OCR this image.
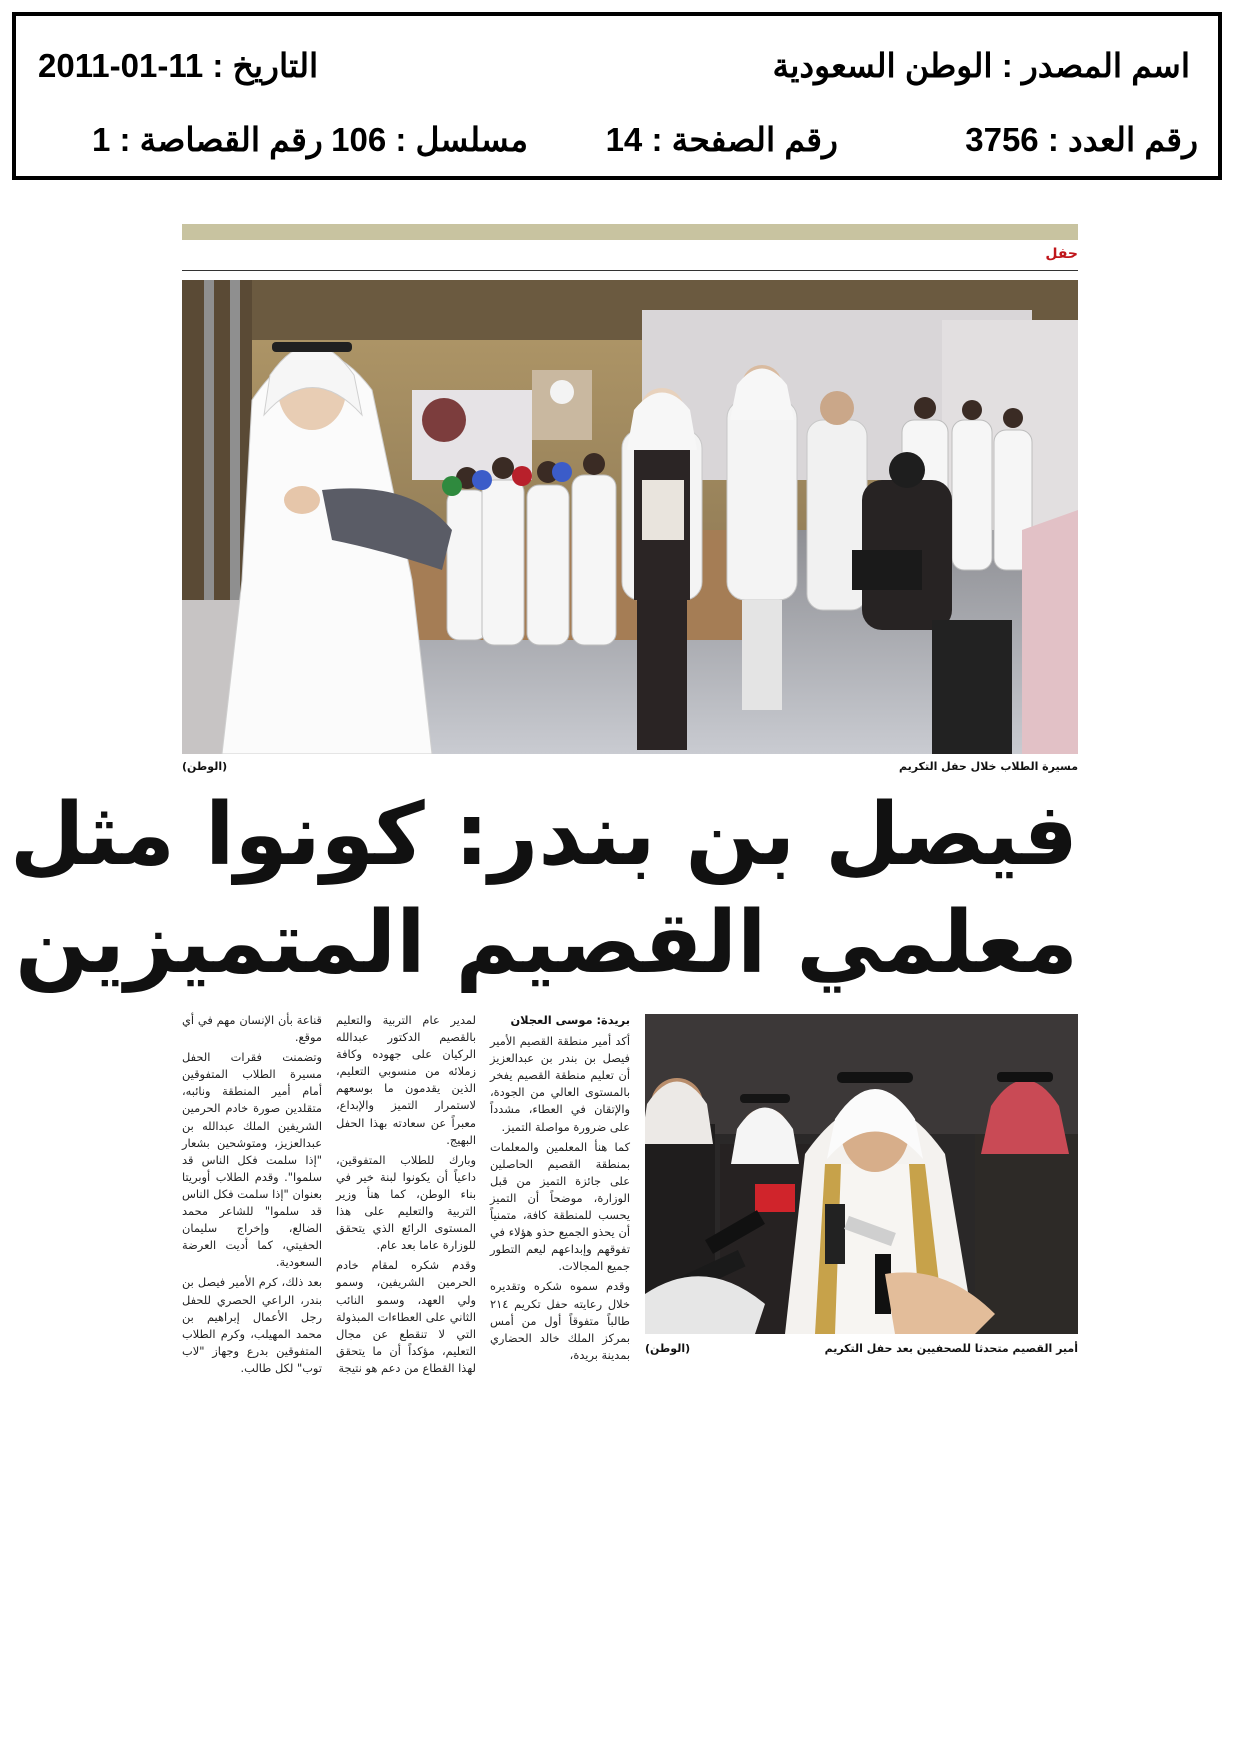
اسم المصدر : الوطن السعودية
التاريخ : 11-01-2011
رقم العدد : 3756
رقم الصفحة : 14
مسلسل : 106
رقم القصاصة : 1
حفل
مسيرة الطلاب خلال حفل التكريم
(الوطن)
فيصل بن بندر: كونوا مثل
معلمي القصيم المتميزين
أمير القصيم متحدثا للصحفيين بعد حفل التكريم
(الوطن)
بريدة: موسى العجلان

أكد أمير منطقة القصيم الأمير فيصل بن بندر بن عبدالعزيز أن تعليم منطقة القصيم يفخر بالمستوى العالي من الجودة، والإتقان في العطاء، مشدداً على ضرورة مواصلة التميز.

كما هنأ المعلمين والمعلمات بمنطقة القصيم الحاصلين على جائزة التميز من قبل الوزارة، موضحاً أن التميز يحسب للمنطقة كافة، متمنياً أن يحذو الجميع حذو هؤلاء في تفوقهم وإبداعهم ليعم التطور جميع المجالات.

وقدم سموه شكره وتقديره خلال رعايته حفل تكريم ٢١٤ طالباً متفوقاً أول من أمس بمركز الملك خالد الحضاري بمدينة بريدة،

لمدير عام التربية والتعليم بالقصيم الدكتور عبدالله الركيان على جهوده وكافة زملائه من منسوبي التعليم، الذين يقدمون ما بوسعهم لاستمرار التميز والإبداع، معبراً عن سعادته بهذا الحفل البهيج.

وبارك للطلاب المتفوقين، داعياً أن يكونوا لبنة خير في بناء الوطن، كما هنأ وزير التربية والتعليم على هذا المستوى الرائع الذي يتحقق للوزارة عاما بعد عام.

وقدم شكره لمقام خادم الحرمين الشريفين، وسمو ولي العهد، وسمو النائب الثاني على العطاءات المبذولة التي لا تنقطع عن مجال التعليم، مؤكداً أن ما يتحقق لهذا القطاع من دعم هو نتيجة

قناعة بأن الإنسان مهم في أي موقع.

وتضمنت فقرات الحفل مسيرة الطلاب المتفوقين أمام أمير المنطقة ونائبه، متقلدين صورة خادم الحرمين الشريفين الملك عبدالله بن عبدالعزيز، ومتوشحين بشعار "إذا سلمت فكل الناس قد سلموا". وقدم الطلاب أوبريتا بعنوان "إذا سلمت فكل الناس قد سلموا" للشاعر محمد الضالع، وإخراج سليمان الحفيتي، كما أديت العرضة السعودية.

بعد ذلك، كرم الأمير فيصل بن بندر، الراعي الحصري للحفل رجل الأعمال إبراهيم بن محمد المهيلب، وكرم الطلاب المتفوقين بدرع وجهاز "لاب توب" لكل طالب.
